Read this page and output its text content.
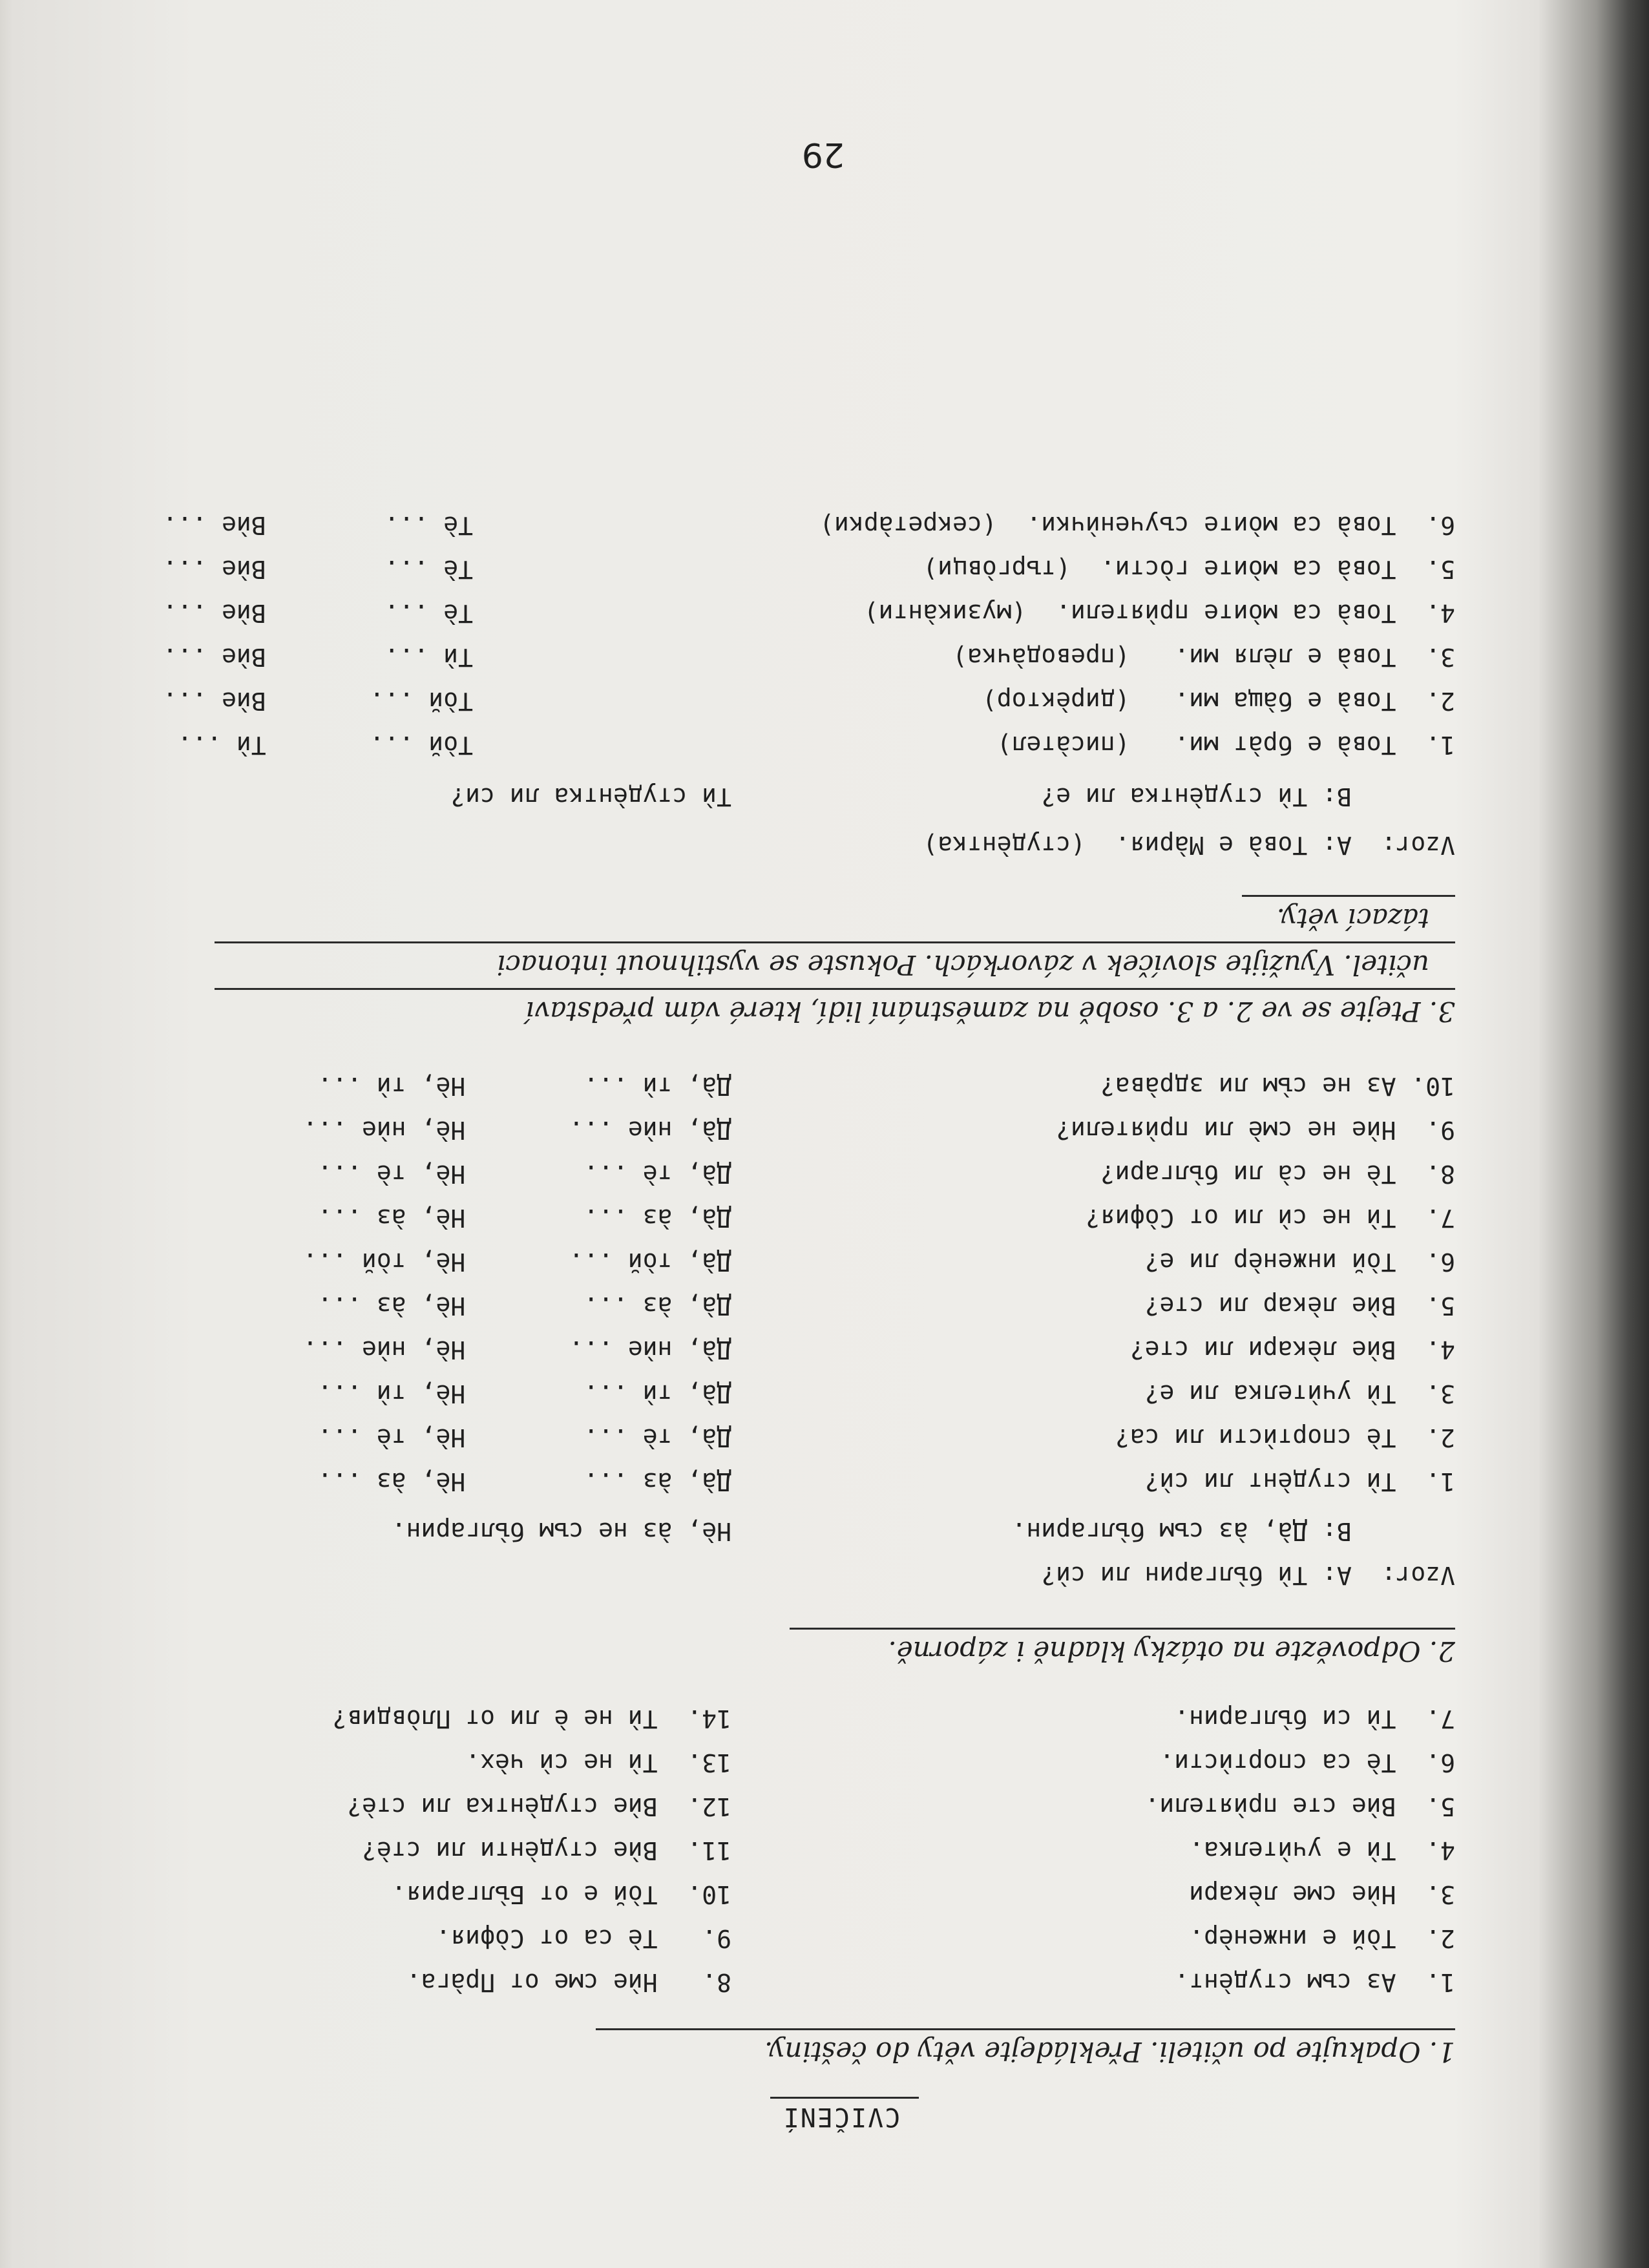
CVIČENÍ
1. Opakujte po učiteli. Překládejte věty do češtiny.
1.  Аз съм студѐнт.
2.  Тòй е инженѐр.
3.  Нѝе сме лѐкари
4.  Тѝ е учѝтелка.
5.  Вѝе сте прѝятели.
6.  Тѐ са спортѝсти.
7.  Тѝ си бъ̀лгарин.
8.   Нѝе сме от Прàга.
9.   Тѐ са от Сòфия.
10.  Тòй е от Бъ̀лгария.
11.  Вѝе студѐнти ли стѐ?
12.  Вѝе студѐнтка ли стѐ?
13.  Тѝ не сѝ чѐх.
14.  Тѝ не ѐ ли от Плòвдив?
2. Odpovězte na otázky kladně i záporně.
Vzor:  A: Тѝ бъ̀лгарин ли сѝ?
B: Дà, àз съм бъ̀лгарин.
Нѐ, àз не съм бъ̀лгарин.
1.  Тѝ студѐнт ли сѝ?
2.  Тѐ спортѝсти ли са?
3.  Тѝ учѝтелка ли е?
4.  Вѝе лѐкари ли сте?
5.  Вѝе лѐкар ли сте?
6.  Тòй инженѐр ли е?
7.  Тѝ не сѝ ли от Сòфия?
8.  Тѐ не сà ли бъ̀лгари?
9.  Нѝе не смѐ ли прѝятели?
10. Аз не съ̀м ли здрàва?
Дà, àз ...        Нѐ, àз ...
Дà, тѐ ...        Нѐ, тѐ ...
Дà, тѝ ...        Нѐ, тѝ ...
Дà, нѝе ...       Нѐ, нѝе ...
Дà, àз ...        Нѐ, àз ...
Дà, тòй ...       Нѐ, тòй ...
Дà, àз ...        Нѐ, àз ...
Дà, тѐ ...        Нѐ, тѐ ...
Дà, нѝе ...       Нѐ, нѝе ...
Дà, тѝ ...        Нѐ, тѝ ...
3. Ptejte se ve 2. a 3. osobě na zaměstnání lidí, které vám představí
učitel. Využijte slovíček v závorkách. Pokuste se vystihnout intonaci
tázací věty.
Vzor:  A: Товà е Мàрия.  (студѐнтка)
B: Тѝ студѐнтка ли е?
Тѝ студѐнтка ли си?
1.  Товà е брàт ми.   (писàтел)
2.  Товà е бàща ми.   (дирѐктор)
3.  Товà е лѐля ми.   (преводàчка)
4.  Товà са мòите прѝятели.  (музикàнти)
5.  Товà са мòите гòсти.  (търгòвци)
6.  Товà са мòите съученѝчки.  (секретàрки)
Тòй ...       Тѝ ...
Тòй ...       Вѝе ...
Тѝ ...        Вѝе ...
Тѐ ...        Вѝе ...
Тѐ ...        Вѝе ...
Тѐ ...        Вѝе ...
29
